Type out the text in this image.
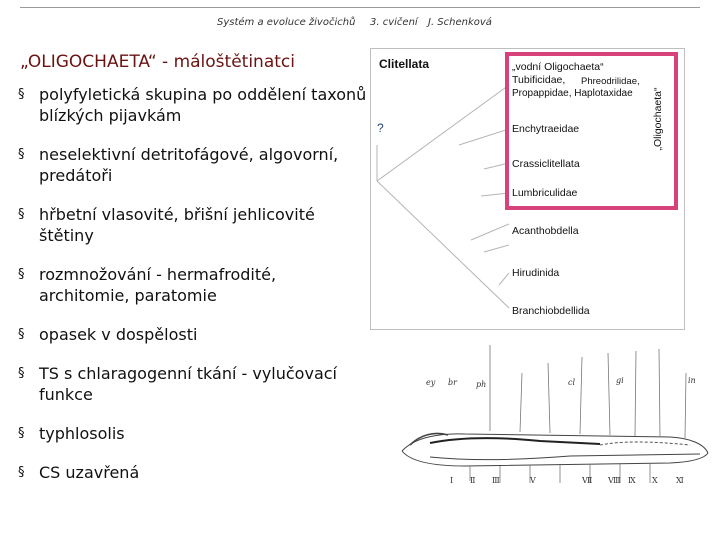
Systém a evoluce živočichů 3. cvičení J. Schenková
„OLIGOCHAETA“ - máloštětinatci
§ polyfyletická skupina po oddělení taxonů blízkých pijavkám
§ neselektivní detritofágové, algovorní, predátoři
§ hřbetní vlasovité, břišní jehlicovité štětiny
§ rozmnožování - hermafrodité, architomie, paratomie
§ opasek v dospělosti
§ TS s chlaragogenní tkání - vylučovací funkce
§ typhlosolis
§ CS uzavřená
Clitellata
?
„vodní Oligochaeta“
Tubificidae, Phreodrilidae,
Propappidae, Haplotaxidae
Enchytraeidae
Crassiclitellata
Lumbriculidae
Acanthobdella
Hirudinida
Branchiobdellida
„Oligochaeta“
ey br ph	cl	gi	in
Ⅰ Ⅱ Ⅲ	Ⅴ	Ⅶ Ⅷ Ⅸ Ⅹ Ⅺ
